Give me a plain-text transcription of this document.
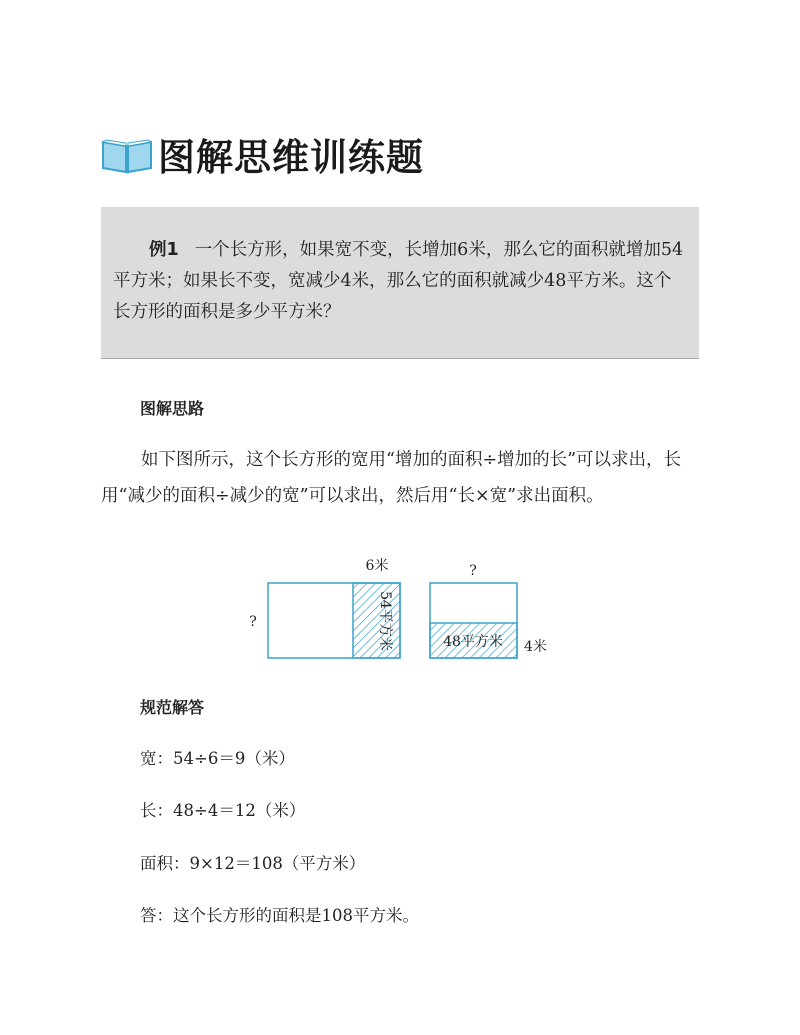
图解思维训练题

例1 一个长方形，如果宽不变，长增加6米，那么它的面积就增加54平方米；如果长不变，宽减少4米，那么它的面积就减少48平方米。这个长方形的面积是多少平方米？

图解思路

如下图所示，这个长方形的宽用“增加的面积÷增加的长”可以求出，长用“减少的面积÷减少的宽”可以求出，然后用“长×宽”求出面积。

6米
?	54平方米
?
48平方米 4米
规范解答

宽：54÷6＝9（米）

长：48÷4＝12（米）

面积：9×12＝108（平方米）

答：这个长方形的面积是108平方米。
